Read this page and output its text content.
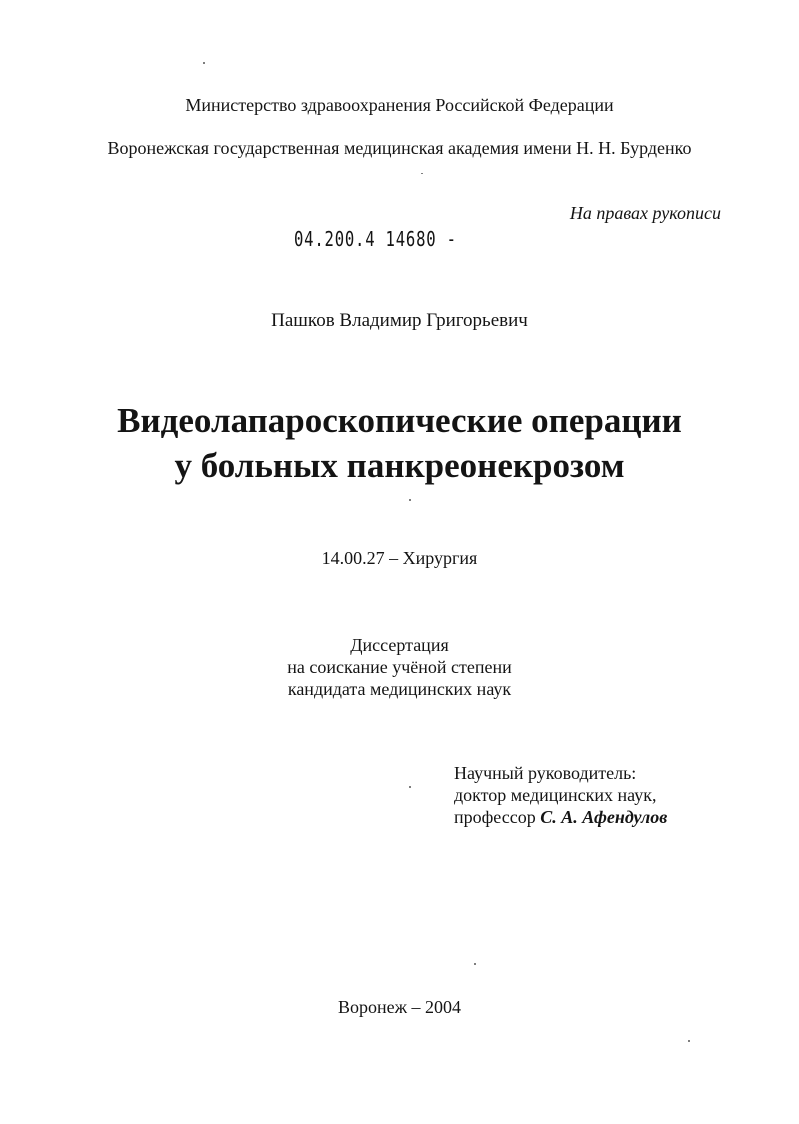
Министерство здравоохранения Российской Федерации
Воронежская государственная медицинская академия имени Н. Н. Бурденко
На правах рукописи
04.200.4 14680 -
Пашков Владимир Григорьевич
Видеолапароскопические операции
у больных панкреонекрозом
14.00.27 – Хирургия
Диссертация
на соискание учёной степени
кандидата медицинских наук
Научный руководитель:
доктор медицинских наук,
профессор С. А. Афендулов
Воронеж – 2004
